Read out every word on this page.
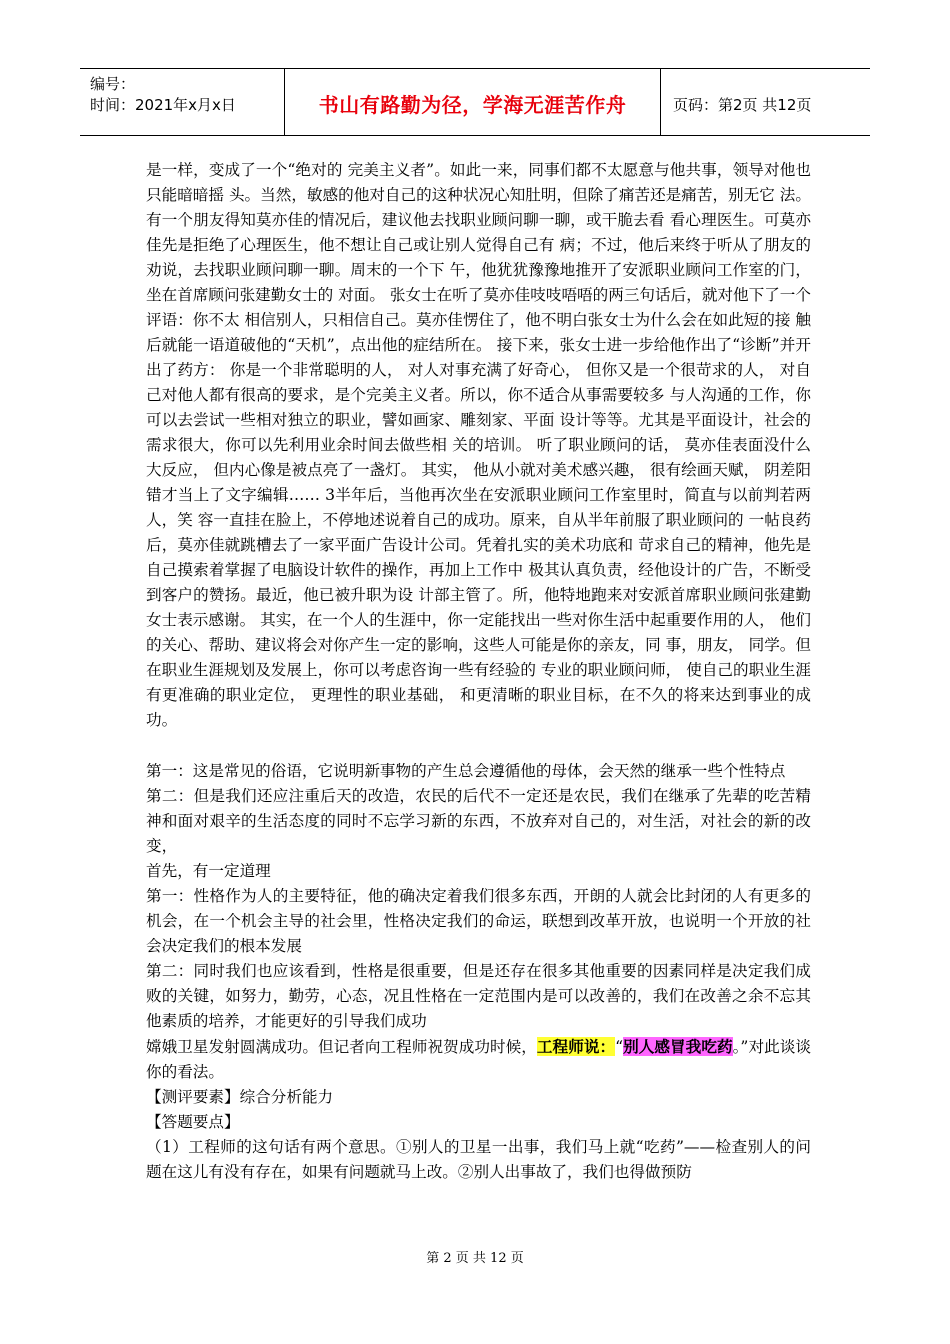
编号：
时间：2021年x月x日	书山有路勤为径，学海无涯苦作舟	页码：第2页 共12页

是一样，变成了一个“绝对的 完美主义者”。如此一来，同事们都不太愿意与他共事，领导对他也只能暗暗摇 头。当然，敏感的他对自己的这种状况心知肚明，但除了痛苦还是痛苦，别无它 法。 有一个朋友得知莫亦佳的情况后，建议他去找职业顾问聊一聊，或干脆去看 看心理医生。可莫亦佳先是拒绝了心理医生，他不想让自己或让别人觉得自己有 病；不过，他后来终于听从了朋友的劝说，去找职业顾问聊一聊。周末的一个下 午，他犹犹豫豫地推开了安派职业顾问工作室的门，坐在首席顾问张建勤女士的 对面。 张女士在听了莫亦佳吱吱唔唔的两三句话后，就对他下了一个评语：你不太 相信别人，只相信自己。莫亦佳愣住了，他不明白张女士为什么会在如此短的接 触后就能一语道破他的“天机”，点出他的症结所在。 接下来，张女士进一步给他作出了“诊断”并开出了药方： 你是一个非常聪明的人， 对人对事充满了好奇心， 但你又是一个很苛求的人， 对自己对他人都有很高的要求，是个完美主义者。所以，你不适合从事需要较多 与人沟通的工作，你可以去尝试一些相对独立的职业，譬如画家、雕刻家、平面 设计等等。尤其是平面设计，社会的需求很大，你可以先利用业余时间去做些相 关的培训。 听了职业顾问的话， 莫亦佳表面没什么大反应， 但内心像是被点亮了一盏灯。 其实， 他从小就对美术感兴趣， 很有绘画天赋， 阴差阳错才当上了文字编辑…… 3半年后，当他再次坐在安派职业顾问工作室里时，简直与以前判若两人，笑 容一直挂在脸上，不停地述说着自己的成功。原来，自从半年前服了职业顾问的 一帖良药后，莫亦佳就跳槽去了一家平面广告设计公司。凭着扎实的美术功底和 苛求自己的精神，他先是自己摸索着掌握了电脑设计软件的操作，再加上工作中 极其认真负责，经他设计的广告，不断受到客户的赞扬。最近，他已被升职为设 计部主管了。所，他特地跑来对安派首席职业顾问张建勤女士表示感谢。 其实，在一个人的生涯中，你一定能找出一些对你生活中起重要作用的人， 他们的关心、帮助、建议将会对你产生一定的影响，这些人可能是你的亲友，同 事，朋友， 同学。但在职业生涯规划及发展上，你可以考虑咨询一些有经验的 专业的职业顾问师， 使自己的职业生涯有更准确的职业定位， 更理性的职业基础， 和更清晰的职业目标，在不久的将来达到事业的成功。

第一：这是常见的俗语，它说明新事物的产生总会遵循他的母体，会天然的继承一些个性特点

第二：但是我们还应注重后天的改造，农民的后代不一定还是农民，我们在继承了先辈的吃苦精神和面对艰辛的生活态度的同时不忘学习新的东西，不放弃对自己的，对生活，对社会的新的改变，

首先，有一定道理

第一：性格作为人的主要特征，他的确决定着我们很多东西，开朗的人就会比封闭的人有更多的机会，在一个机会主导的社会里，性格决定我们的命运，联想到改革开放，也说明一个开放的社会决定我们的根本发展

第二：同时我们也应该看到，性格是很重要，但是还存在很多其他重要的因素同样是决定我们成败的关键，如努力，勤劳，心态，况且性格在一定范围内是可以改善的，我们在改善之余不忘其他素质的培养，才能更好的引导我们成功

嫦娥卫星发射圆满成功。但记者向工程师祝贺成功时候，工程师说：“别人感冒我吃药。”对此谈谈你的看法。

【测评要素】综合分析能力

【答题要点】

（1）工程师的这句话有两个意思。①别人的卫星一出事，我们马上就“吃药”——检查别人的问题在这儿有没有存在，如果有问题就马上改。②别人出事故了，我们也得做预防

第 2 页 共 12 页
